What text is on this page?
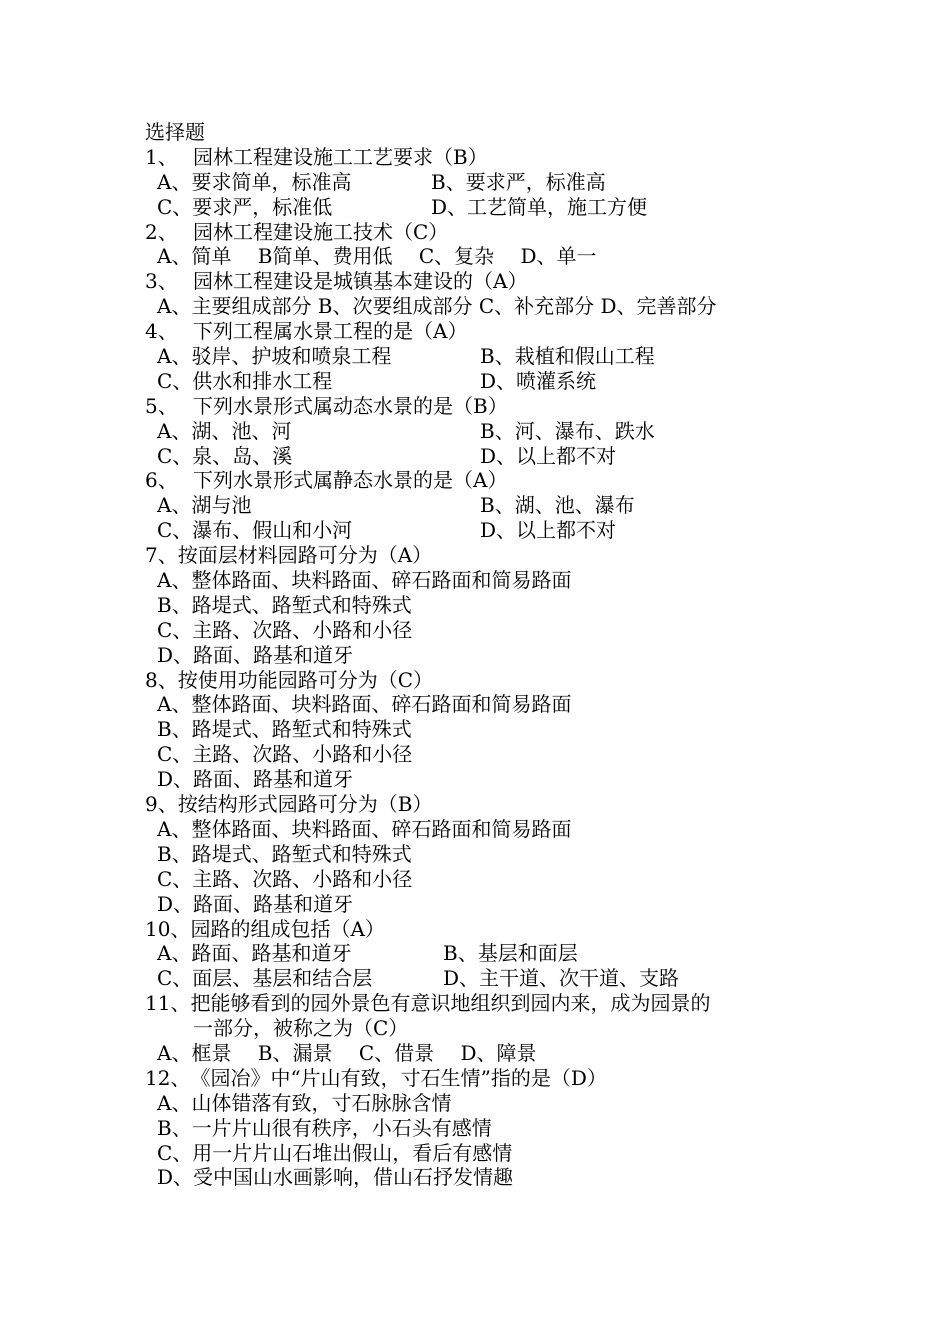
选择题
1、 园林工程建设施工工艺要求（B）
A、要求简单，标准高	B、要求严，标准高
C、要求严，标准低	D、工艺简单，施工方便
2、 园林工程建设施工技术（C）
A、简单　 B简单、费用低　 C、复杂　 D、单一
3、 园林工程建设是城镇基本建设的（A）
A、主要组成部分 B、次要组成部分 C、补充部分 D、完善部分
4、 下列工程属水景工程的是（A）
A、驳岸、护坡和喷泉工程	B、栽植和假山工程
C、供水和排水工程	D、喷灌系统
5、 下列水景形式属动态水景的是（B）
A、湖、池、河	B、河、瀑布、跌水
C、泉、岛、溪	D、以上都不对
6、 下列水景形式属静态水景的是（A）
A、湖与池	B、湖、池、瀑布
C、瀑布、假山和小河	D、以上都不对
7、按面层材料园路可分为（A）
A、整体路面、块料路面、碎石路面和简易路面
B、路堤式、路堑式和特殊式
C、主路、次路、小路和小径
D、路面、路基和道牙
8、按使用功能园路可分为（C）
A、整体路面、块料路面、碎石路面和简易路面
B、路堤式、路堑式和特殊式
C、主路、次路、小路和小径
D、路面、路基和道牙
9、按结构形式园路可分为（B）
A、整体路面、块料路面、碎石路面和简易路面
B、路堤式、路堑式和特殊式
C、主路、次路、小路和小径
D、路面、路基和道牙
10、园路的组成包括（A）
A、路面、路基和道牙	B、基层和面层
C、面层、基层和结合层	D、主干道、次干道、支路
11、把能够看到的园外景色有意识地组织到园内来，成为园景的
一部分，被称之为（C）
A、框景　 B、漏景　 C、借景　 D、障景
12、《园冶》中“片山有致，寸石生情”指的是（D）
A、山体错落有致，寸石脉脉含情
B、一片片山很有秩序，小石头有感情
C、用一片片山石堆出假山，看后有感情
D、受中国山水画影响，借山石抒发情趣
